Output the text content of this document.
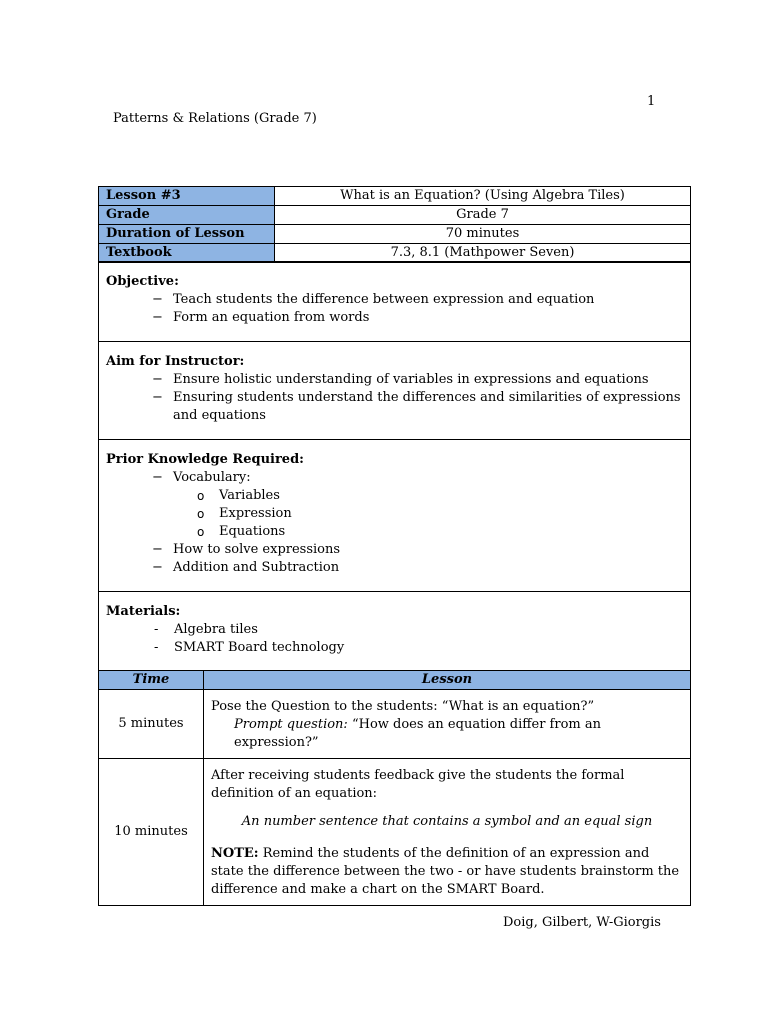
1
Patterns & Relations (Grade 7)
Lesson #3	What is an Equation? (Using Algebra Tiles)
Grade	Grade 7
Duration of Lesson	70 minutes
Textbook	7.3, 8.1 (Mathpower Seven)
Objective:
− Teach students the difference between expression and equation
− Form an equation from words

Aim for Instructor:
− Ensure holistic understanding of variables in expressions and equations
− Ensuring students understand the differences and similarities of expressions and equations

Prior Knowledge Required:
− Vocabulary:
o Variables
o Expression
o Equations
− How to solve expressions
− Addition and Subtraction

Materials:
- Algebra tiles
- SMART Board technology
Time	Lesson
5 minutes	Pose the Question to the students: “What is an equation?”
Prompt question: “How does an equation differ from an expression?”

10 minutes	After receiving students feedback give the students the formal definition of an equation:
An number sentence that contains a symbol and an equal sign
NOTE: Remind the students of the definition of an expression and state the difference between the two - or have students brainstorm the difference and make a chart on the SMART Board.
Doig, Gilbert, W-Giorgis
